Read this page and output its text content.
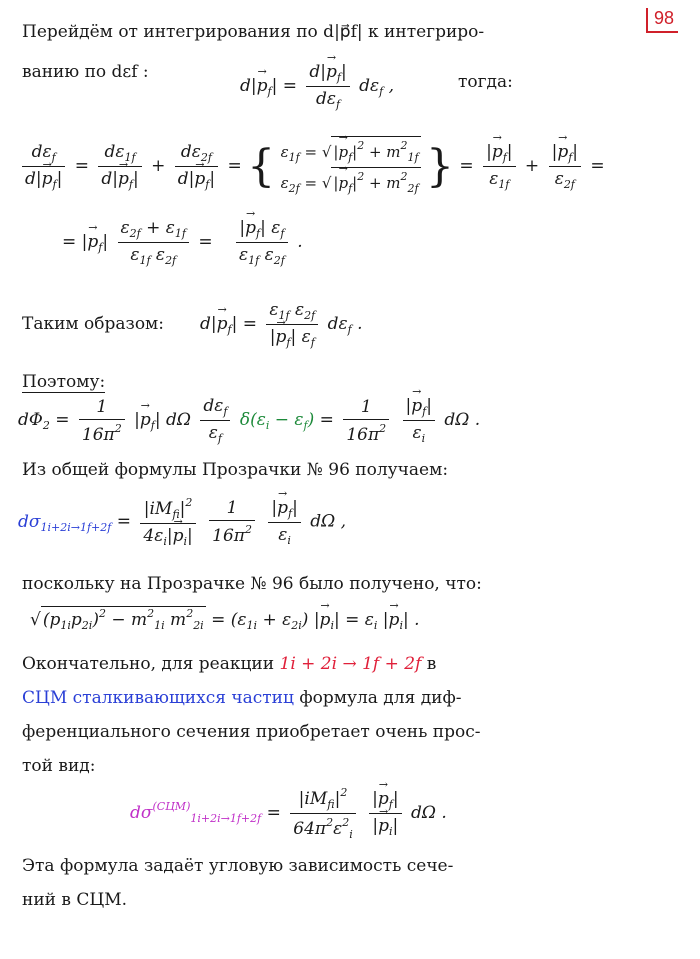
98
Перейдём от интегрирования по d|p⃗f| к интегриро-
ванию по dεf :
$d|\to p_f| = \frac{d|\to p_f|}{d\varepsilon_f} d\varepsilon_f$ ,	тогда:
$\frac{d\varepsilon_f}{d|\to p_f|} = \frac{d\varepsilon_{1f}}{d|\to p_f|} + \frac{d\varepsilon_{2f}}{d|\to p_f|}$ = { $\varepsilon_{1f}$ = √ |→ $p_f|^2 + m^2_{1f}$
$\varepsilon_{2f}$ = √ |→ $p_f|^2 + m^2_{2f}$ } = $\frac{|\to p_f|}{\varepsilon_{1f}} + \frac{|\to p_f|}{\varepsilon_{2f}}$ =
= |→ $p_f| \frac{\varepsilon_{2f} + \varepsilon_{1f}}{\varepsilon_{1f} \varepsilon_{2f}} = \frac{|\to p_f| \varepsilon_f}{\varepsilon_{1f} \varepsilon_{2f}}$ .
Таким образом: $d|\to p_f| = \frac{\varepsilon_{1f} \varepsilon_{2f}}{|\to p_f| \varepsilon_f} d\varepsilon_f$ .
Поэтому:
$d\Phi_2 = \frac{1}{16\pi^2}$ |→ $p_f|$ dΩ $\frac{d\varepsilon_f}{\varepsilon_f} \delta(\varepsilon_i - \varepsilon_f) = \frac{1}{16\pi^2}$
$\frac{|\to p_f|}{\varepsilon_i}$ dΩ .
Из общей формулы Прозрачки № 96 получаем:
$d\sigma_{1i+2i\to 1f+2f} = \frac{|iM_{fi}|^2}{4\varepsilon_i|\to p_i|}$
$\frac{1}{16\pi^2}$
$\frac{|\to p_f|}{\varepsilon_i}$ dΩ ,
поскольку на Прозрачке № 96 было получено, что:
√ $(p_{1i}p_{2i})^2 - m^2_{1i}$ $m^2_{2i} = (\varepsilon_{1i} + \varepsilon_{2i})$ |→ $p_i| = \varepsilon_i$ |→ $p_i|$ .
Окончательно, для реакции 1i + 2i → 1f + 2f в
СЦМ сталкивающихся частиц формула для диф-
ференциального сечения приобретает очень прос-
той вид:
$d\sigma^{(СЦМ)}_{1i+2i\to 1f+2f} = \frac{|iM_{fi}|^2}{64\pi^2\varepsilon^2_i}$
$\frac{|\to p_f|}{|\to p_i|}$ dΩ .
Эта формула задаёт угловую зависимость сече-
ний в СЦМ.
